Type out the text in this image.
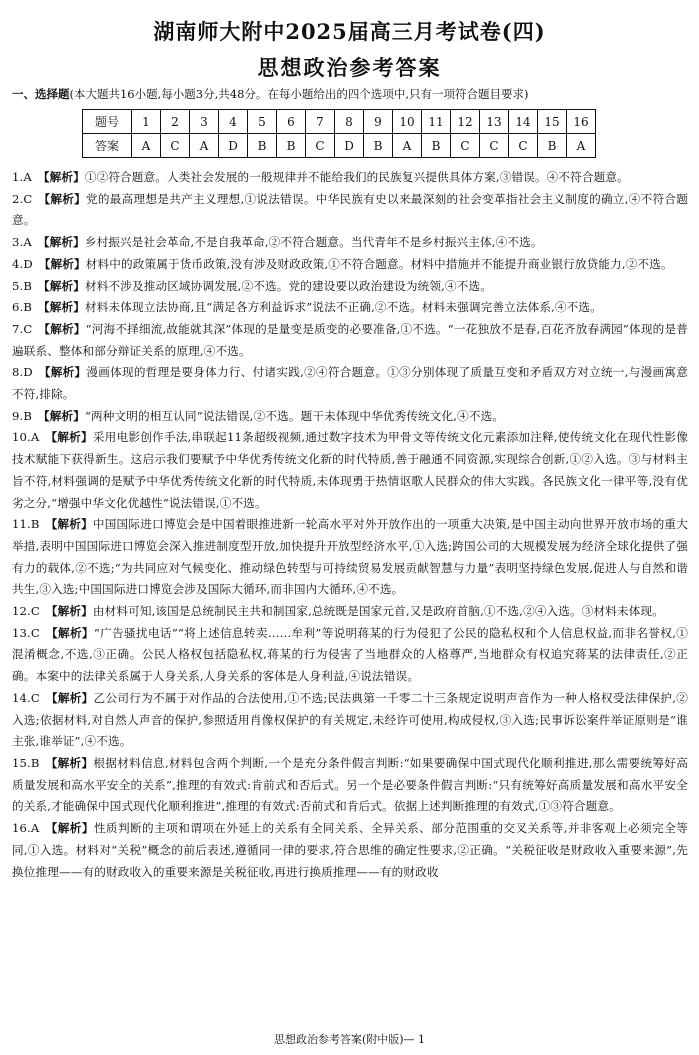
湖南师大附中2025届高三月考试卷(四)
思想政治参考答案
一、选择题(本大题共16小题,每小题3分,共48分。在每小题给出的四个选项中,只有一项符合题目要求)
题号	1	2	3	4	5	6	7	8	9	10	11	12	13	14	15	16
答案	A	C	A	D	B	B	C	D	B	A	B	C	C	C	B	A

1.A  【解析】①②符合题意。人类社会发展的一般规律并不能给我们的民族复兴提供具体方案,③错误。④不符合题意。

2.C  【解析】党的最高理想是共产主义理想,①说法错误。中华民族有史以来最深刻的社会变革指社会主义制度的确立,④不符合题意。

3.A  【解析】乡村振兴是社会革命,不是自我革命,②不符合题意。当代青年不是乡村振兴主体,④不选。

4.D  【解析】材料中的政策属于货币政策,没有涉及财政政策,①不符合题意。材料中措施并不能提升商业银行放贷能力,②不选。

5.B  【解析】材料不涉及推动区域协调发展,②不选。党的建设要以政治建设为统领,④不选。

6.B  【解析】材料未体现立法协商,且“满足各方利益诉求”说法不正确,②不选。材料未强调完善立法体系,④不选。

7.C  【解析】“河海不择细流,故能就其深”体现的是量变是质变的必要准备,①不选。“一花独放不是春,百花齐放春满园”体现的是普遍联系、整体和部分辩证关系的原理,④不选。

8.D  【解析】漫画体现的哲理是要身体力行、付诸实践,②④符合题意。①③分别体现了质量互变和矛盾双方对立统一,与漫画寓意不符,排除。

9.B  【解析】“两种文明的相互认同”说法错误,②不选。题干未体现中华优秀传统文化,④不选。

10.A  【解析】采用电影创作手法,串联起11条超级视频,通过数字技术为甲骨文等传统文化元素添加注释,使传统文化在现代性影像技术赋能下获得新生。这启示我们要赋予中华优秀传统文化新的时代特质,善于融通不同资源,实现综合创新,①②入选。③与材料主旨不符,材料强调的是赋予中华优秀传统文化新的时代特质,未体现勇于热情讴歌人民群众的伟大实践。各民族文化一律平等,没有优劣之分,“增强中华文化优越性”说法错误,①不选。

11.B  【解析】中国国际进口博览会是中国着眼推进新一轮高水平对外开放作出的一项重大决策,是中国主动向世界开放市场的重大举措,表明中国国际进口博览会深入推进制度型开放,加快提升开放型经济水平,①入选;跨国公司的大规模发展为经济全球化提供了强有力的载体,②不选;“为共同应对气候变化、推动绿色转型与可持续贸易发展贡献智慧与力量”表明坚持绿色发展,促进人与自然和谐共生,③入选;中国国际进口博览会涉及国际大循环,而非国内大循环,④不选。

12.C  【解析】由材料可知,该国是总统制民主共和制国家,总统既是国家元首,又是政府首脑,①不选,②④入选。③材料未体现。

13.C  【解析】“广告骚扰电话”“将上述信息转卖……牟利”等说明蒋某的行为侵犯了公民的隐私权和个人信息权益,而非名誉权,①混淆概念,不选,③正确。公民人格权包括隐私权,蒋某的行为侵害了当地群众的人格尊严,当地群众有权追究蒋某的法律责任,②正确。本案中的法律关系属于人身关系,人身关系的客体是人身利益,④说法错误。

14.C  【解析】乙公司行为不属于对作品的合法使用,①不选;民法典第一千零二十三条规定说明声音作为一种人格权受法律保护,②入选;依据材料,对自然人声音的保护,参照适用肖像权保护的有关规定,未经许可使用,构成侵权,③入选;民事诉讼案件举证原则是“谁主张,谁举证”,④不选。

15.B  【解析】根据材料信息,材料包含两个判断,一个是充分条件假言判断:“如果要确保中国式现代化顺利推进,那么需要统筹好高质量发展和高水平安全的关系”,推理的有效式:肯前式和否后式。另一个是必要条件假言判断:“只有统筹好高质量发展和高水平安全的关系,才能确保中国式现代化顺利推进”,推理的有效式:否前式和肯后式。依据上述判断推理的有效式,①③符合题意。

16.A  【解析】性质判断的主项和谓项在外延上的关系有全同关系、全异关系、部分范围重的交叉关系等,并非客观上必须完全等同,①入选。材料对“关税”概念的前后表述,遵循同一律的要求,符合思维的确定性要求,②正确。“关税征收是财政收入重要来源”,先换位推理——有的财政收入的重要来源是关税征收,再进行换质推理——有的财政收

思想政治参考答案(附中版)— 1
